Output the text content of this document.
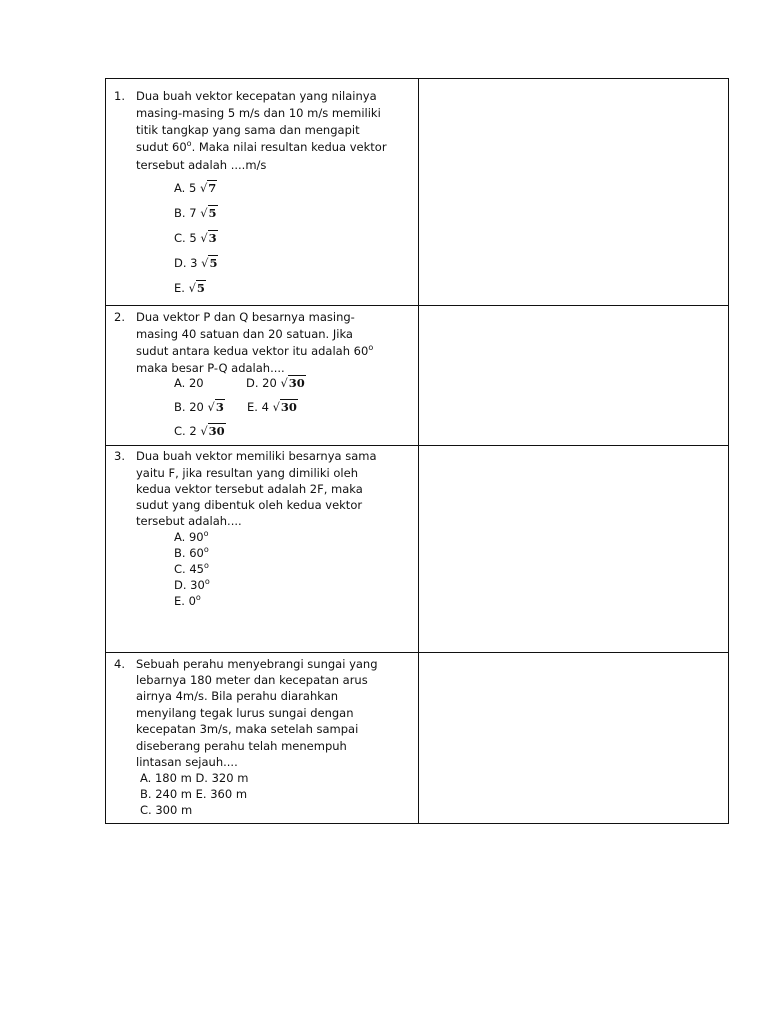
1. Dua buah vektor kecepatan yang nilainya
masing-masing 5 m/s dan 10 m/s memiliki
titik tangkap yang sama dan mengapit
sudut 60$^o$. Maka nilai resultan kedua vektor
tersebut adalah ....m/s
A. 5 √7
B. 7 √5
C. 5 √3
D. 3 √5
E. √5
2. Dua vektor P dan Q besarnya masing-
masing 40 satuan dan 20 satuan. Jika
sudut antara kedua vektor itu adalah 60$^o$
maka besar P-Q adalah....
A. 20	D. 20 √30
B. 20 √3 E. 4 √30
C. 2 √30
3. Dua buah vektor memiliki besarnya sama
yaitu F, jika resultan yang dimiliki oleh
kedua vektor tersebut adalah 2F, maka
sudut yang dibentuk oleh kedua vektor
tersebut adalah....
A. 90$^o$
B. 60$^o$
C. 45$^o$
D. 30$^o$
E. 0$^o$
4. Sebuah perahu menyebrangi sungai yang
lebarnya 180 meter dan kecepatan arus
airnya 4m/s. Bila perahu diarahkan
menyilang tegak lurus sungai dengan
kecepatan 3m/s, maka setelah sampai
diseberang perahu telah menempuh
lintasan sejauh....
A. 180 m D. 320 m
B. 240 m E. 360 m
C. 300 m
